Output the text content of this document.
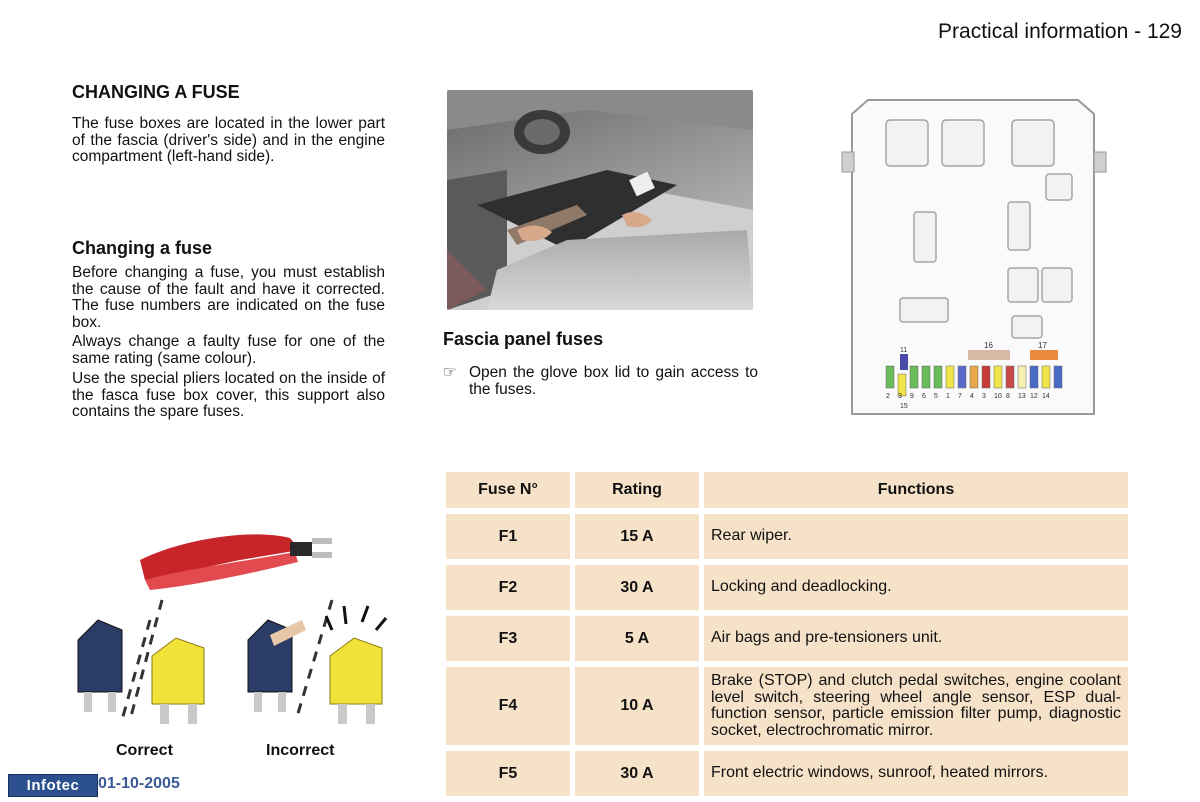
Practical information - 129
CHANGING A FUSE

The fuse boxes are located in the lower part of the fascia (driver's side) and in the engine compartment (left-hand side).

Changing a fuse

Before changing a fuse, you must establish the cause of the fault and have it corrected. The fuse numbers are indicated on the fuse box.

Always change a faulty fuse for one of the same rating (same colour).

Use the special pliers located on the inside of the fasca fuse box cover, this support also contains the spare fuses.

16	17
11
2 3 9 6 5 1 7 4 3 10 8 13 12 14
15
Fascia panel fuses
☞ Open the glove box lid to gain access to the fuses.
Correct	Incorrect
Fuse N°	Rating	Functions
F1	15 A	Rear wiper.
F2	30 A	Locking and deadlocking.
F3	5 A	Air bags and pre-tensioners unit.
F4	10 A	Brake (STOP) and clutch pedal switches, engine coolant level switch, steering wheel angle sensor, ESP dual-function sensor, particle emission filter pump, diagnostic socket, electrochromatic mirror.
F5	30 A	Front electric windows, sunroof, heated mirrors.
Infotec	01-10-2005
